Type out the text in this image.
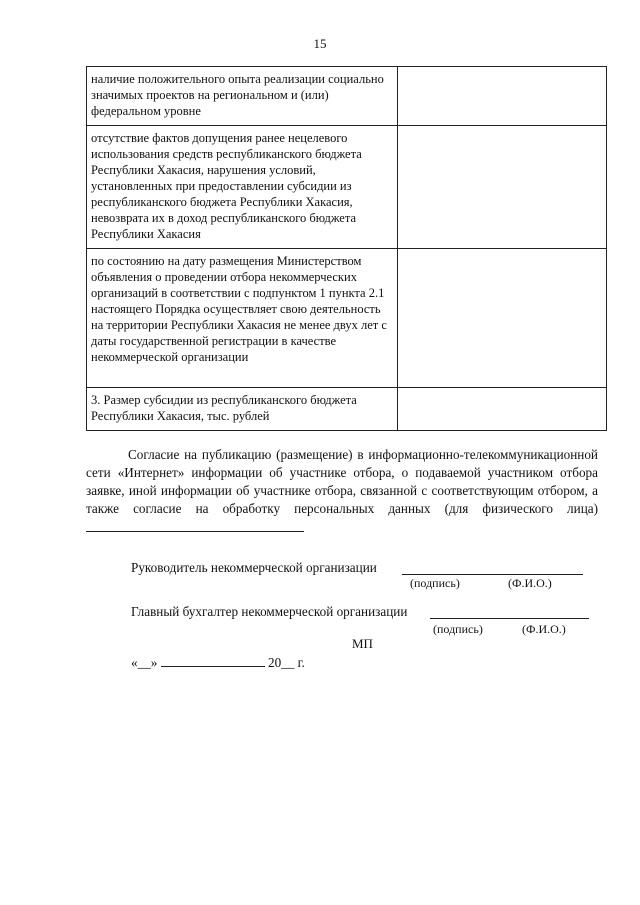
15
наличие положительного опыта реализации социально значимых проектов на региональном и (или) федеральном уровне	
отсутствие фактов допущения ранее нецелевого использования средств республиканского бюджета Республики Хакасия, нарушения условий, установленных при предоставлении субсидии из республиканского бюджета Республики Хакасия, невозврата их в доход республиканского бюджета Республики Хакасия	
по состоянию на дату размещения Министерством объявления о проведении отбора некоммерческих организаций в соответствии с подпунктом 1 пункта 2.1 настоящего Порядка осуществляет свою деятельность на территории Республики Хакасия не менее двух лет с даты государственной регистрации в качестве некоммерческой организации	
3. Размер субсидии из республиканского бюджета Республики Хакасия, тыс. рублей	
Согласие на публикацию (размещение) в информационно-телекоммуникационной сети «Интернет» информации об участнике отбора, о подаваемой участником отбора заявке, иной информации об участнике отбора, связанной с соответствующим отбором, а также согласие на обработку персональных данных (для физического лица)
Руководитель некоммерческой организации
(подпись)	(Ф.И.О.)
Главный бухгалтер некоммерческой организации
(подпись)	(Ф.И.О.)
МП
«__»	20__ г.
